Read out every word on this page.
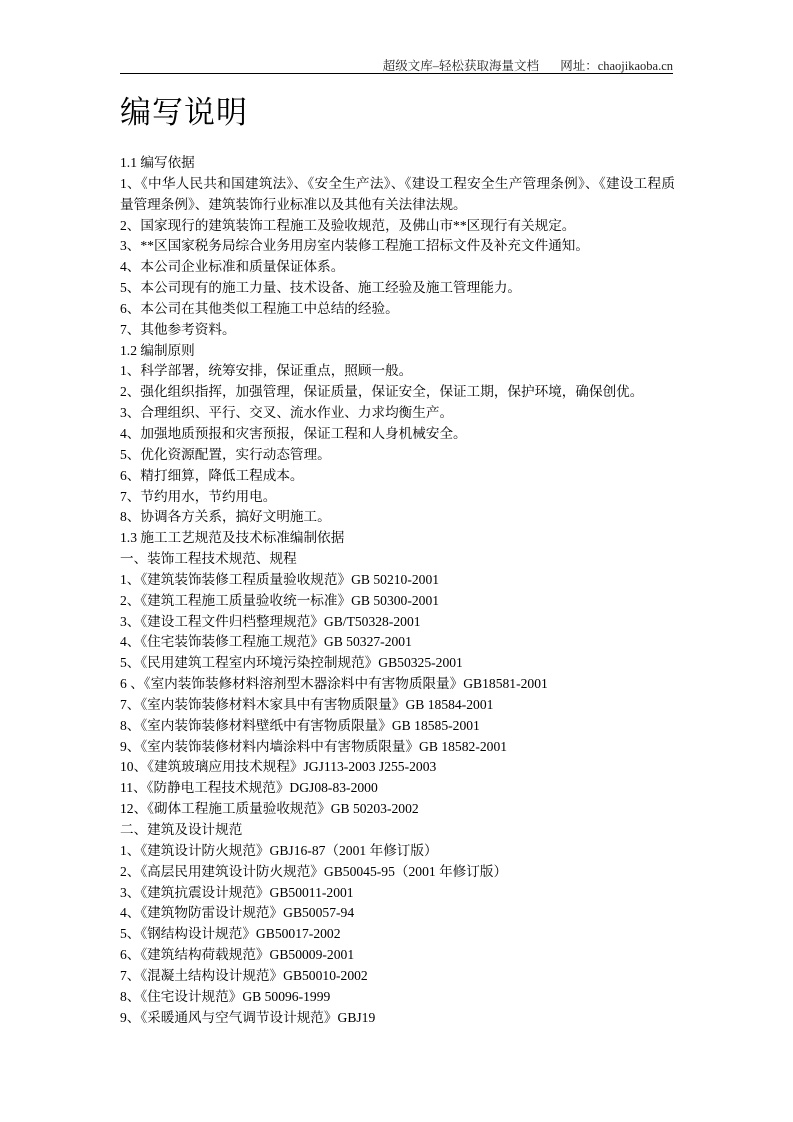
超级文库–轻松获取海量文档 网址：chaojikaoba.cn
编写说明
1.1 编写依据
1、《中华人民共和国建筑法》、《安全生产法》、《建设工程安全生产管理条例》、《建设工程质量管理条例》、建筑装饰行业标准以及其他有关法律法规。
2、国家现行的建筑装饰工程施工及验收规范，及佛山市**区现行有关规定。
3、**区国家税务局综合业务用房室内装修工程施工招标文件及补充文件通知。
4、本公司企业标准和质量保证体系。
5、本公司现有的施工力量、技术设备、施工经验及施工管理能力。
6、本公司在其他类似工程施工中总结的经验。
7、其他参考资料。
1.2 编制原则
1、科学部署，统筹安排，保证重点，照顾一般。
2、强化组织指挥，加强管理，保证质量，保证安全，保证工期，保护环境，确保创优。
3、合理组织、平行、交叉、流水作业、力求均衡生产。
4、加强地质预报和灾害预报，保证工程和人身机械安全。
5、优化资源配置，实行动态管理。
6、精打细算，降低工程成本。
7、节约用水，节约用电。
8、协调各方关系，搞好文明施工。
1.3 施工工艺规范及技术标准编制依据
一、装饰工程技术规范、规程
1、《建筑装饰装修工程质量验收规范》GB 50210-2001
2、《建筑工程施工质量验收统一标准》GB 50300-2001
3、《建设工程文件归档整理规范》GB/T50328-2001
4、《住宅装饰装修工程施工规范》GB 50327-2001
5、《民用建筑工程室内环境污染控制规范》GB50325-2001
6 、《室内装饰装修材料溶剂型木器涂料中有害物质限量》GB18581-2001
7、《室内装饰装修材料木家具中有害物质限量》GB 18584-2001
8、《室内装饰装修材料壁纸中有害物质限量》GB 18585-2001
9、《室内装饰装修材料内墙涂料中有害物质限量》GB 18582-2001
10、《建筑玻璃应用技术规程》JGJ113-2003 J255-2003
11、《防静电工程技术规范》DGJ08-83-2000
12、《砌体工程施工质量验收规范》GB 50203-2002
二、建筑及设计规范
1、《建筑设计防火规范》GBJ16-87（2001 年修订版）
2、《高层民用建筑设计防火规范》GB50045-95（2001 年修订版）
3、《建筑抗震设计规范》GB50011-2001
4、《建筑物防雷设计规范》GB50057-94
5、《钢结构设计规范》GB50017-2002
6、《建筑结构荷载规范》GB50009-2001
7、《混凝土结构设计规范》GB50010-2002
8、《住宅设计规范》GB 50096-1999
9、《采暖通风与空气调节设计规范》GBJ19
